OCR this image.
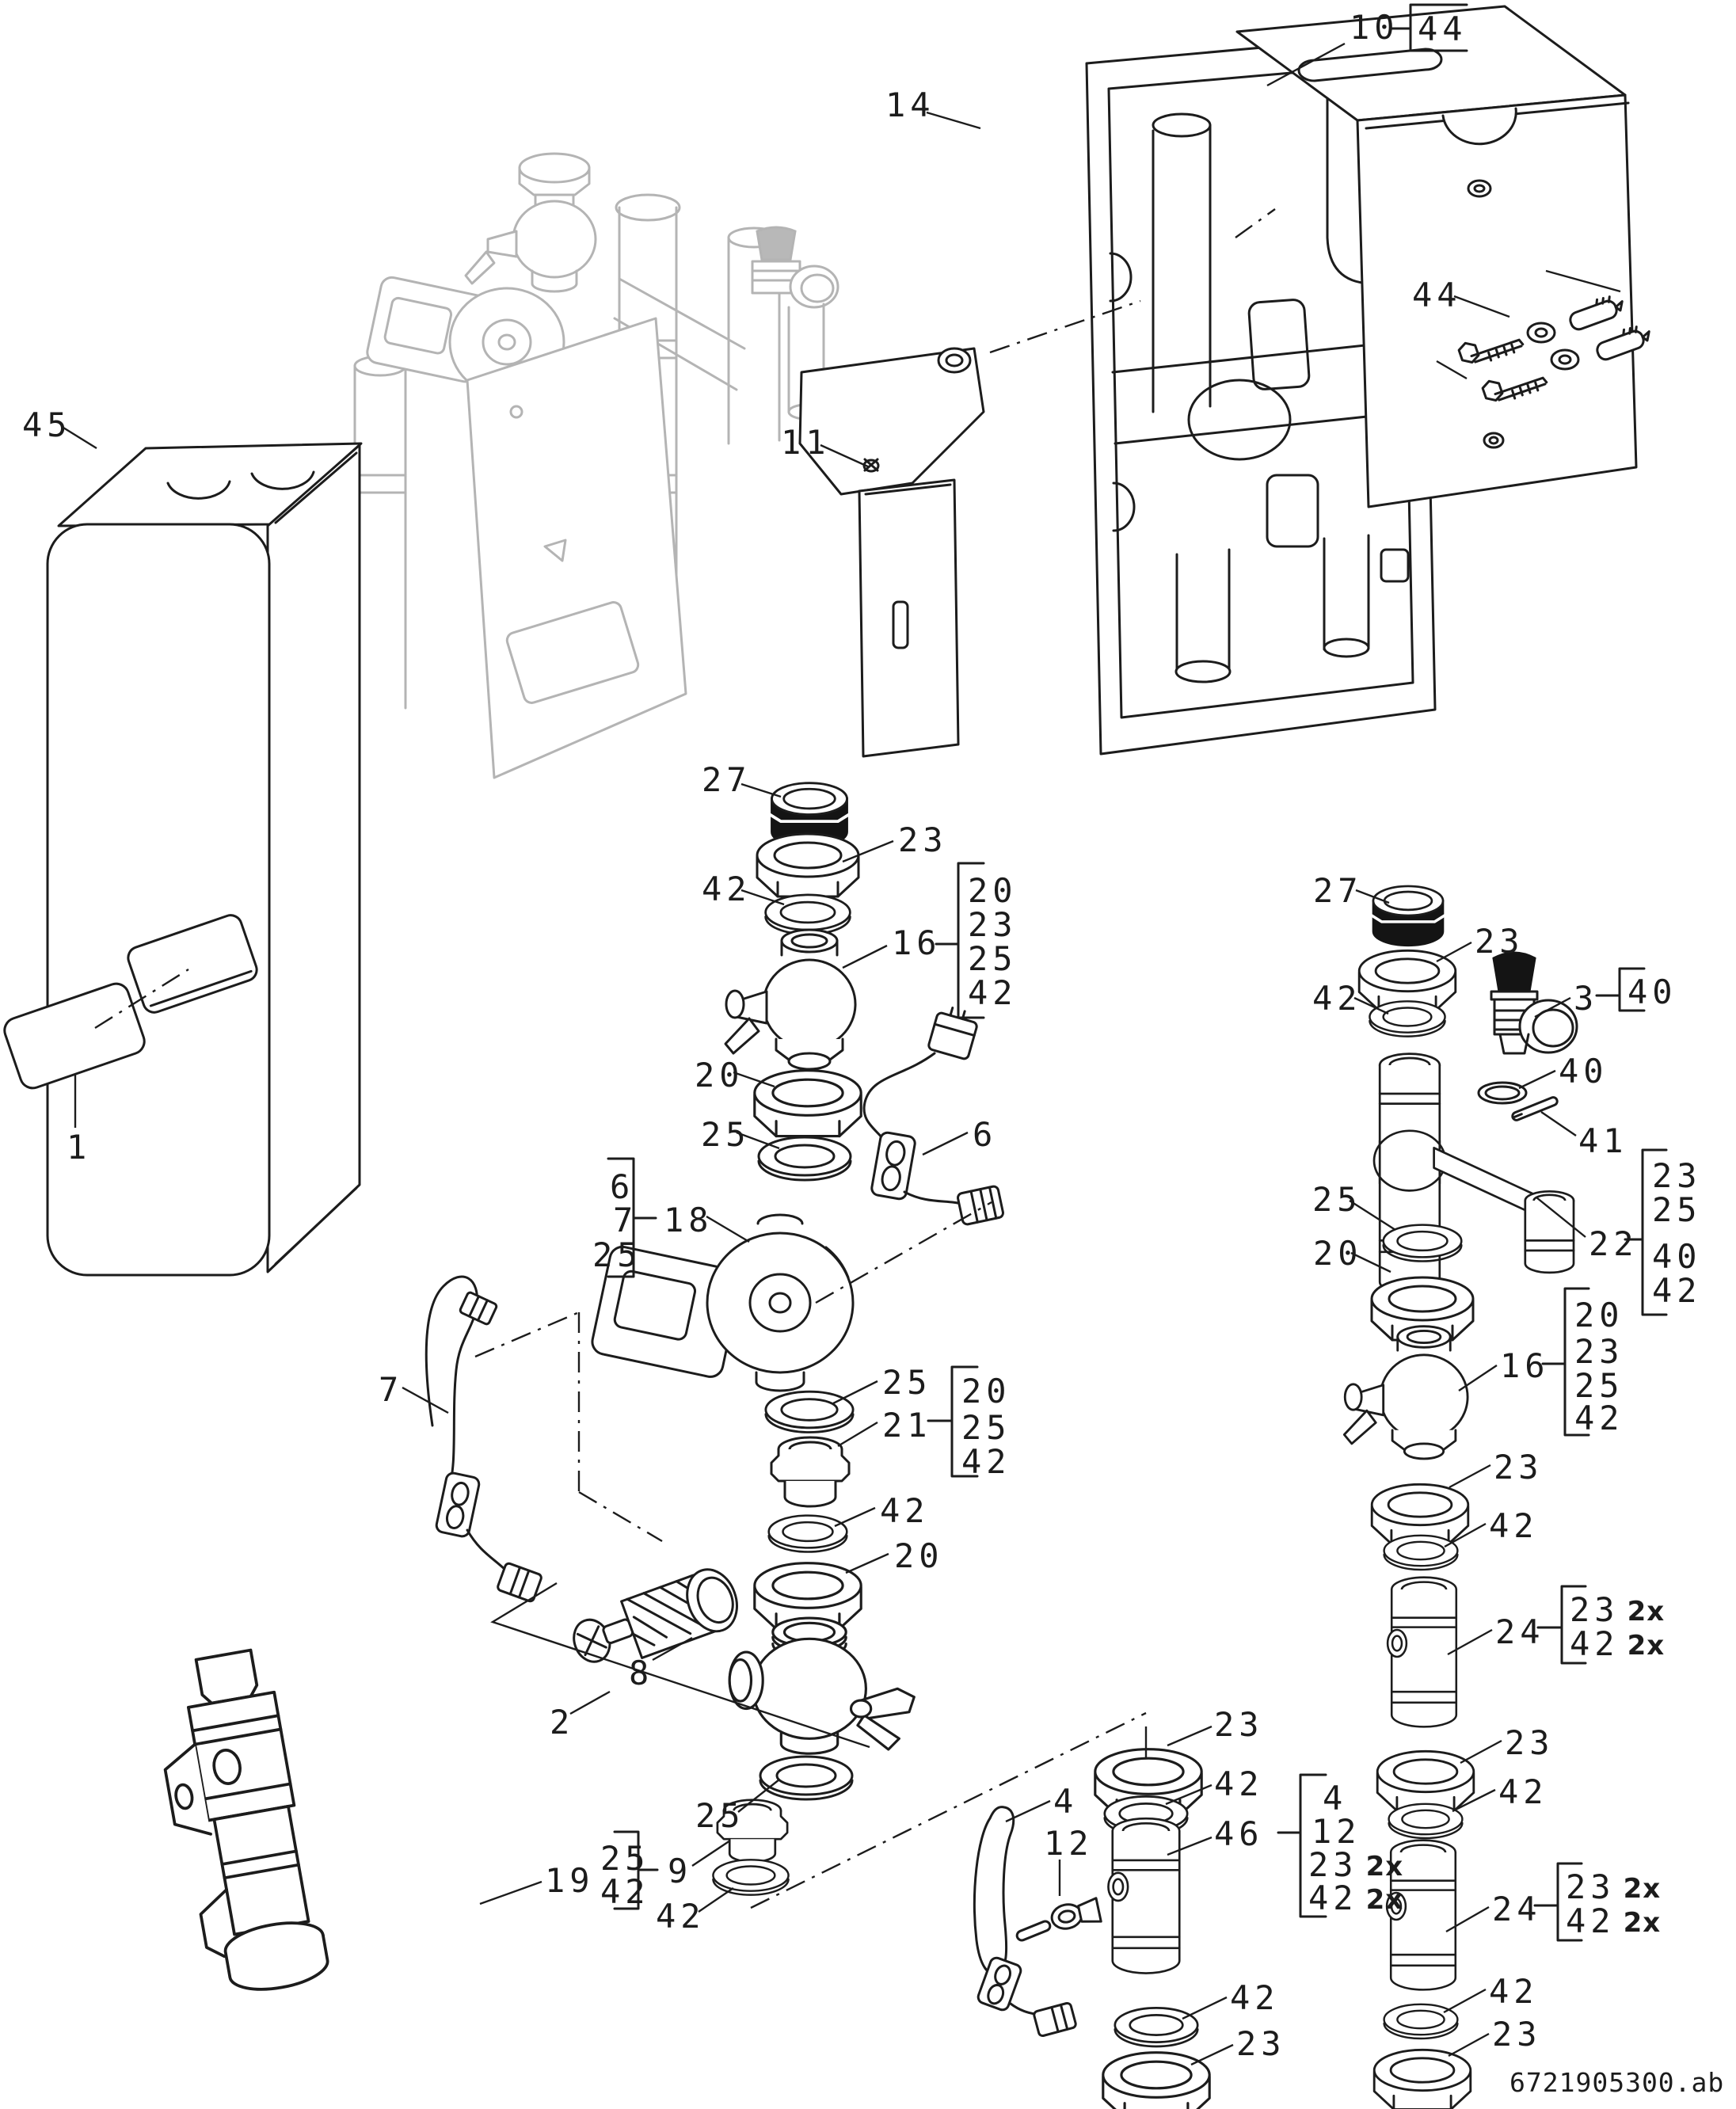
10 44
44
14
11
45
1
27
23
42
16
20
23
25
42
20
25	6
6
7
25
18
7	25
21
20
25
42
42
20
8
2
25
25
42
9
42
19
23
42
46
4
12
23 2x
42 2x
4
12
42
23
27
23
42	3 40
40
41
22
23
25
40
42
25
20
16
20
23
25
42
23
42
24
23 2x
42 2x
23
42
24
23 2x
42 2x
42
23
6721905300.ab
